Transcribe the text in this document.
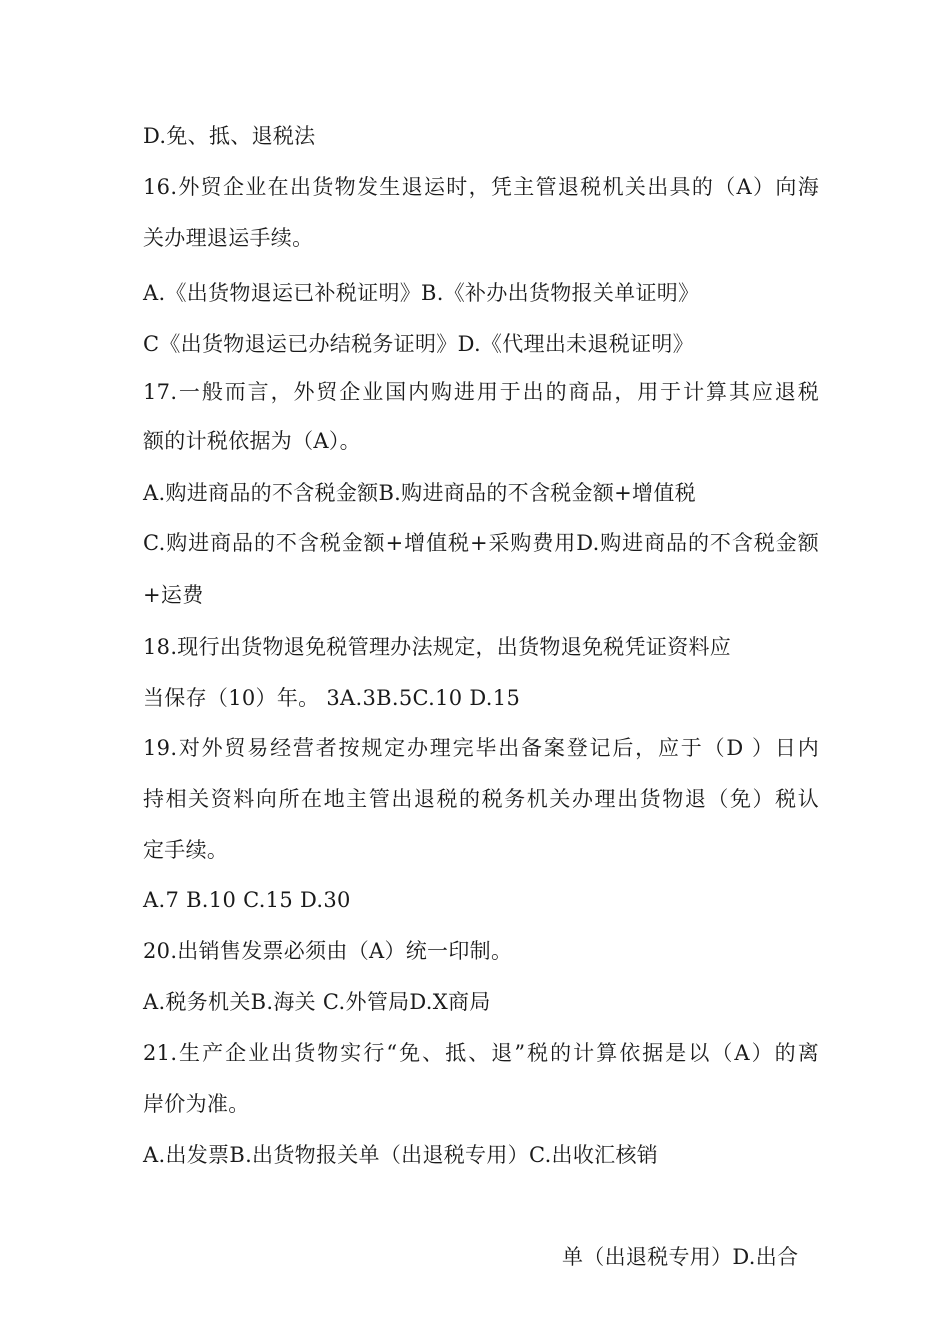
D.免、抵、退税法
16.外贸企业在出货物发生退运时，凭主管退税机关出具的（A）向海
关办理退运手续。
A.《出货物退运已补税证明》B.《补办出货物报关单证明》
C《出货物退运已办结税务证明》D.《代理出未退税证明》
17.一般而言，外贸企业国内购进用于出的商品，用于计算其应退税
额的计税依据为（A）。
A.购进商品的不含税金额B.购进商品的不含税金额+增值税
C.购进商品的不含税金额+增值税+采购费用D.购进商品的不含税金额
+运费
18.现行出货物退免税管理办法规定，出货物退免税凭证资料应
当保存（10）年。 3A.3B.5C.10 D.15
19.对外贸易经营者按规定办理完毕出备案登记后，应于（D ）日内
持相关资料向所在地主管出退税的税务机关办理出货物退（免）税认
定手续。
A.7 B.10 C.15 D.30
20.出销售发票必须由（A）统一印制。
A.税务机关B.海关 C.外管局D.X商局
21.生产企业出货物实行“免、抵、退”税的计算依据是以（A）的离
岸价为准。
A.出发票B.出货物报关单（出退税专用）C.出收汇核销
单（出退税专用）D.出合
